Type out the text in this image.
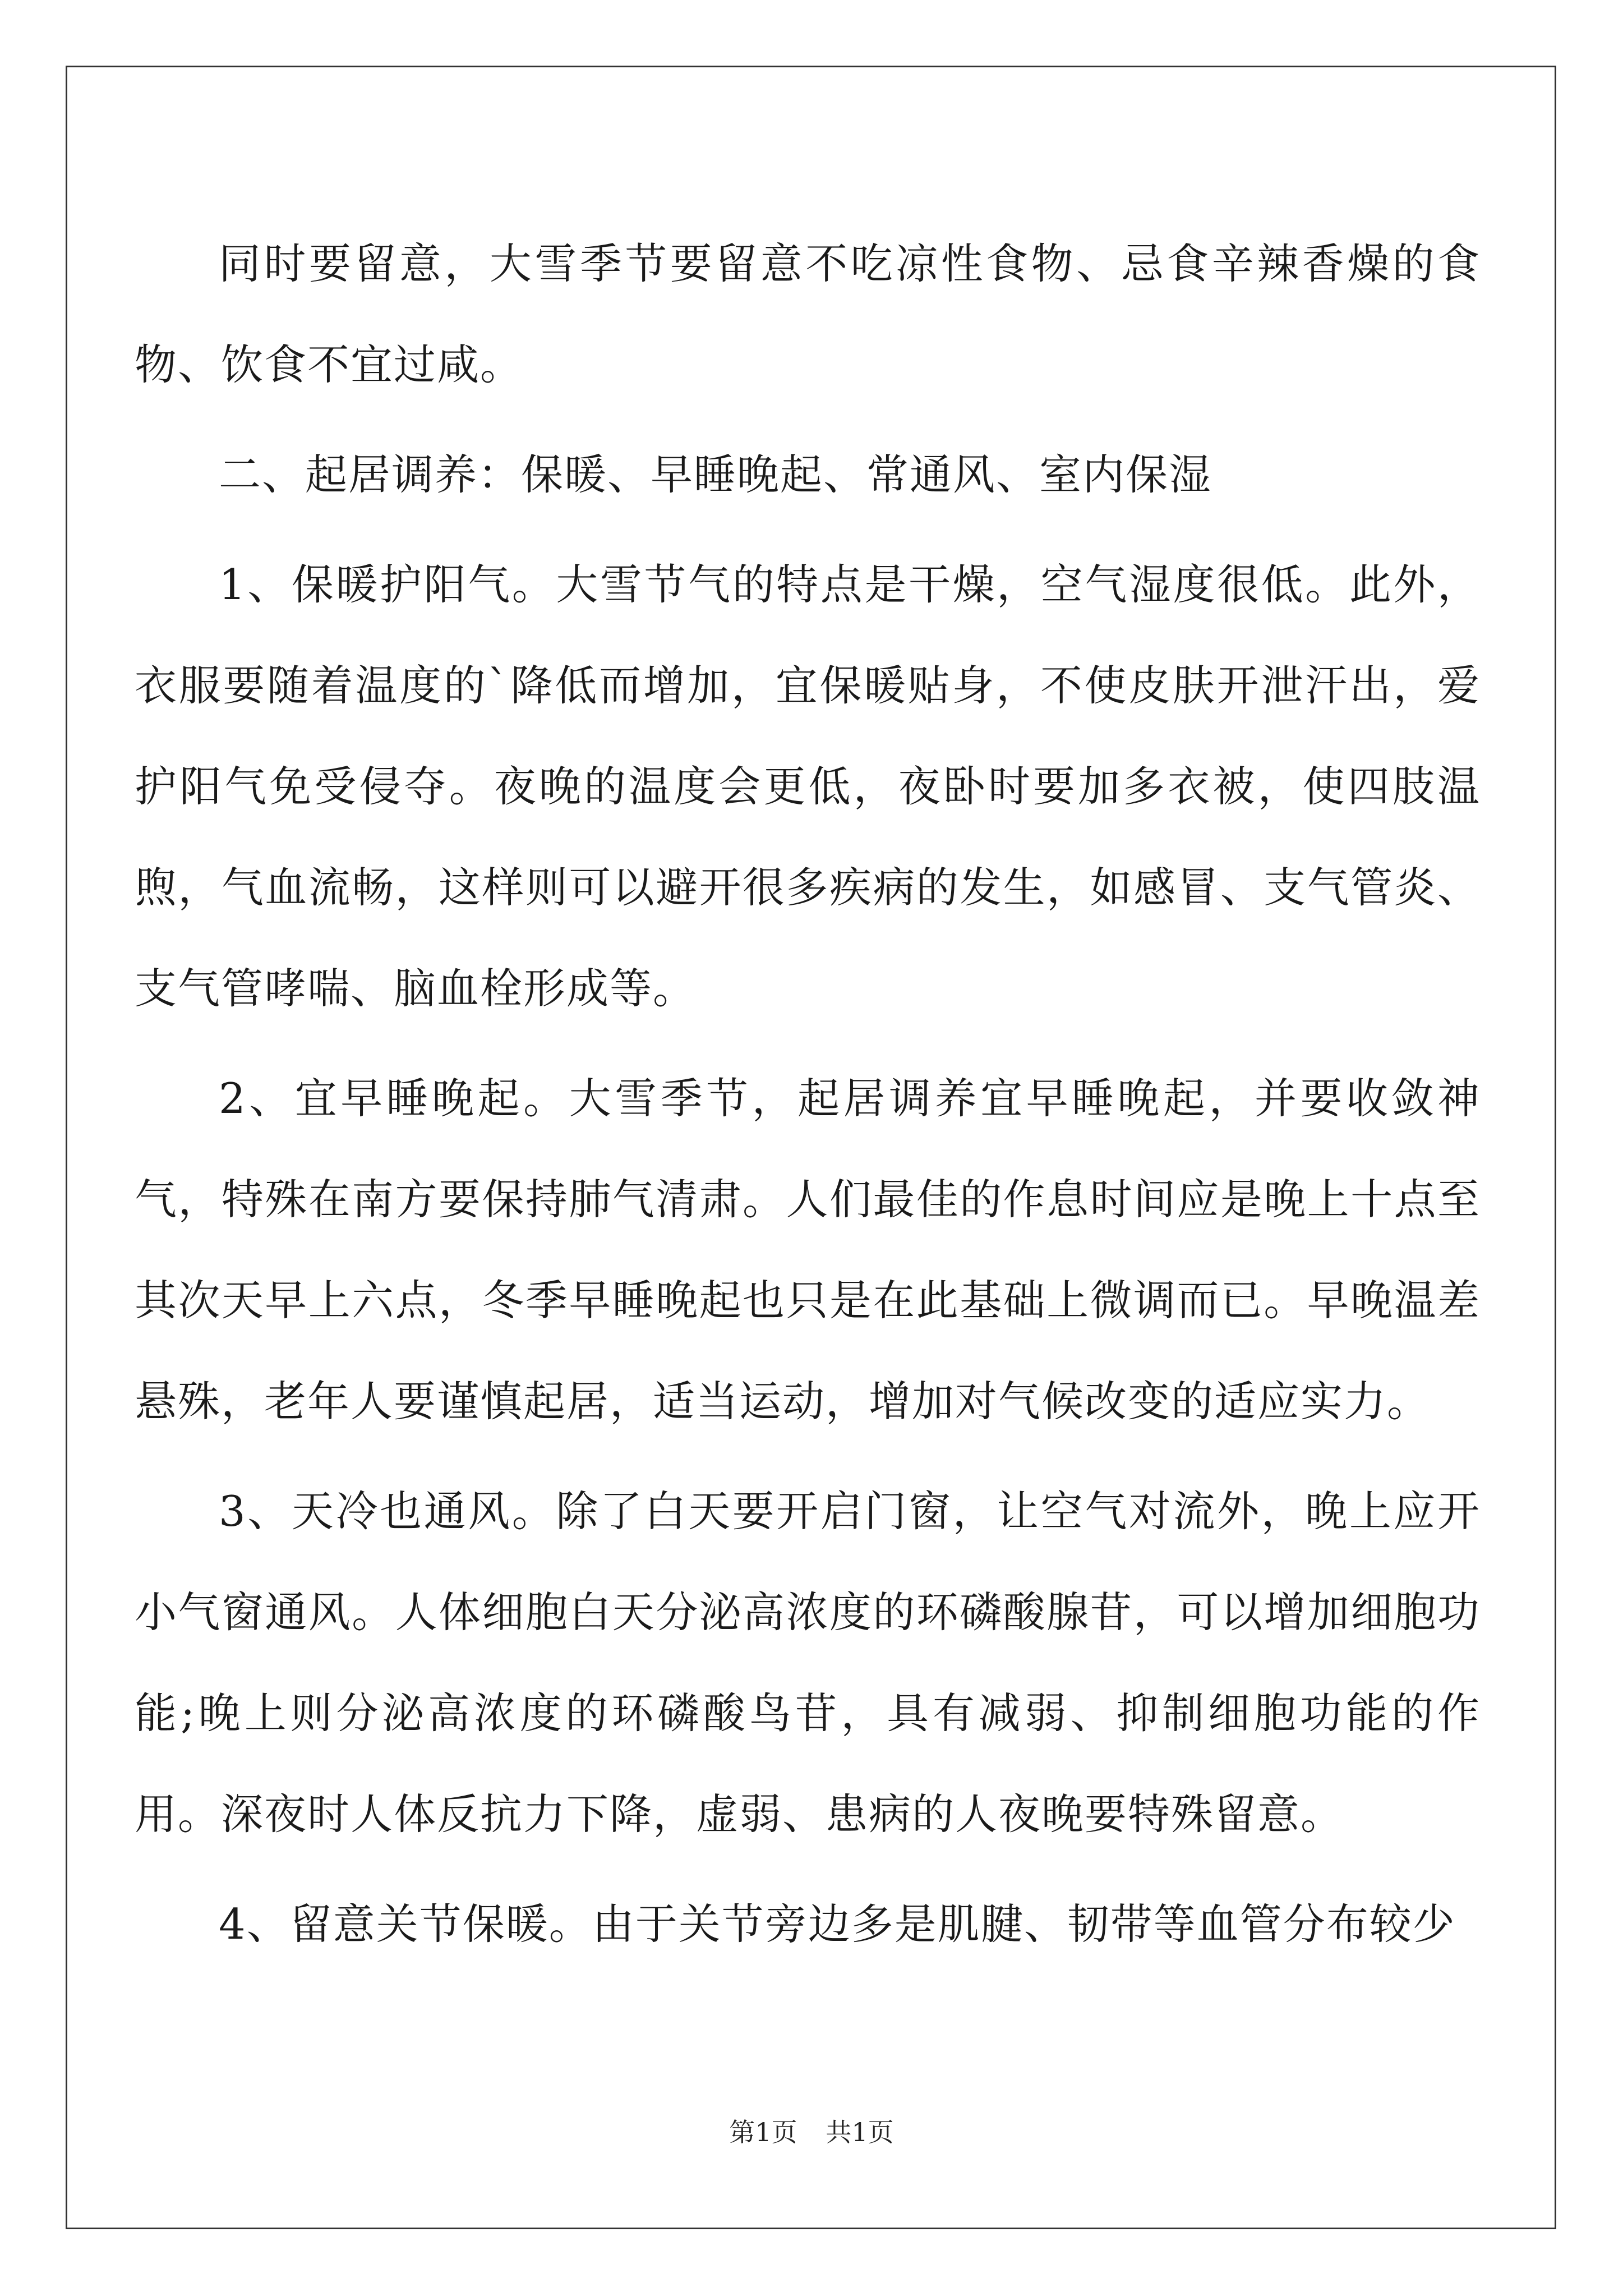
同时要留意，大雪季节要留意不吃凉性食物、忌食辛辣香燥的食物、饮食不宜过咸。

二、起居调养：保暖、早睡晚起、常通风、室内保湿

1、保暖护阳气。大雪节气的特点是干燥，空气湿度很低。此外，衣服要随着温度的`降低而增加，宜保暖贴身，不使皮肤开泄汗出，爱护阳气免受侵夺。夜晚的温度会更低，夜卧时要加多衣被，使四肢温煦，气血流畅，这样则可以避开很多疾病的发生，如感冒、支气管炎、支气管哮喘、脑血栓形成等。

2、宜早睡晚起。大雪季节，起居调养宜早睡晚起，并要收敛神气，特殊在南方要保持肺气清肃。人们最佳的作息时间应是晚上十点至其次天早上六点，冬季早睡晚起也只是在此基础上微调而已。早晚温差悬殊，老年人要谨慎起居，适当运动，增加对气候改变的适应实力。

3、天冷也通风。除了白天要开启门窗，让空气对流外，晚上应开小气窗通风。人体细胞白天分泌高浓度的环磷酸腺苷，可以增加细胞功能;晚上则分泌高浓度的环磷酸鸟苷，具有减弱、抑制细胞功能的作用。深夜时人体反抗力下降，虚弱、患病的人夜晚要特殊留意。

4、留意关节保暖。由于关节旁边多是肌腱、韧带等血管分布较少

第1页 共1页
